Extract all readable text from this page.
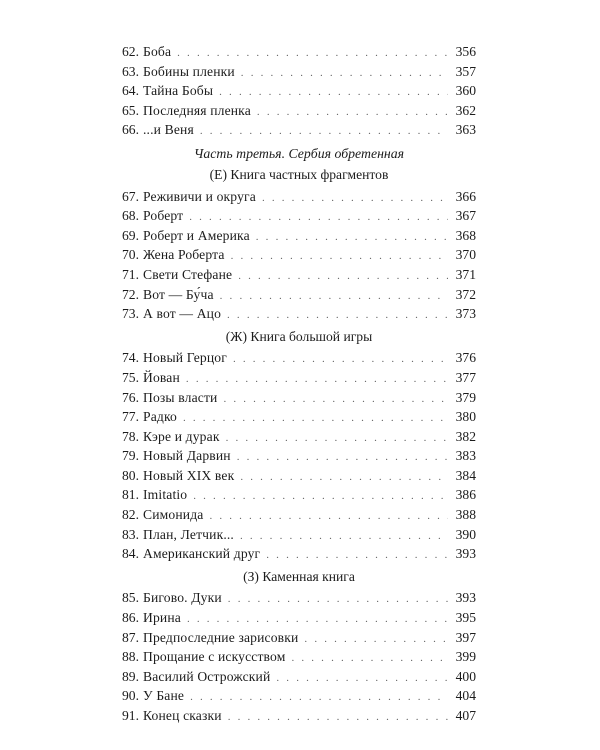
62. Боба . . .	356
63. Бобины пленки . . .	357
64. Тайна Бобы . . .	360
65. Последняя пленка . . .	362
66. ...и Веня . . .	363
Часть третья. Сербия обретенная
(Е) Книга частных фрагментов
67. Реживичи и округа . . .	366
68. Роберт . . .	367
69. Роберт и Америка . . .	368
70. Жена Роберта . . .	370
71. Свети Стефане . . .	371
72. Вот — Бу́ча . . .	372
73. А вот — Ацо . . .	373
(Ж) Книга большой игры
74. Новый Герцог . . .	376
75. Йован . . .	377
76. Позы власти . . .	379
77. Радко . . .	380
78. Кэре и дурак . . .	382
79. Новый Дарвин . . .	383
80. Новый XIX век . . .	384
81. Imitatio . . .	386
82. Симонида . . .	388
83. План, Летчик... . . .	390
84. Американский друг . . .	393
(З) Каменная книга
85. Бигово. Дуки . . .	393
86. Ирина . . .	395
87. Предпоследние зарисовки . . .	397
88. Прощание с искусством . . .	399
89. Василий Острожский . . .	400
90. У Бане . . .	404
91. Конец сказки . . .	407
